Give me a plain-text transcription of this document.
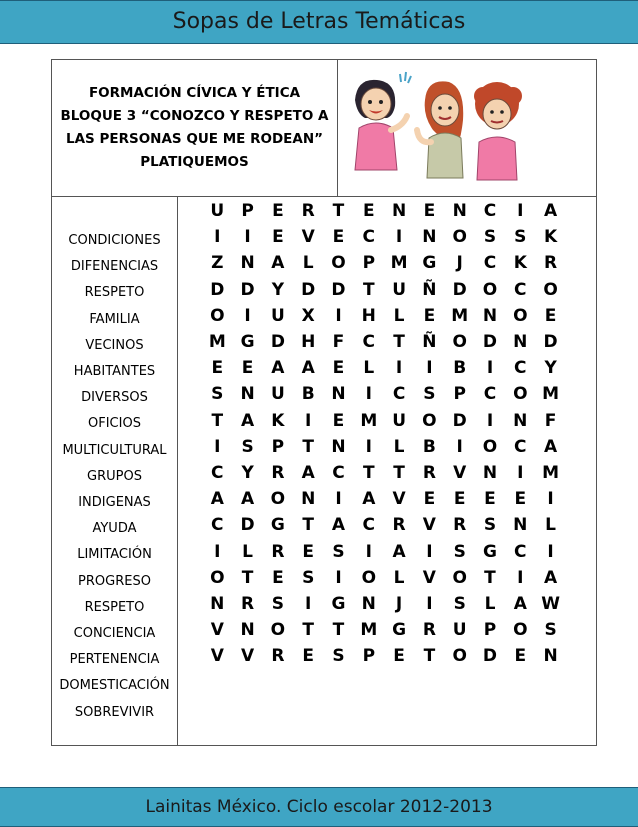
Sopas de Letras Temáticas
FORMACIÓN CÍVICA Y ÉTICA
BLOQUE 3 “CONOZCO Y RESPETO A
LAS PERSONAS QUE ME RODEAN”
PLATIQUEMOS
CONDICIONES
DIFENENCIAS
RESPETO
FAMILIA
VECINOS
HABITANTES
DIVERSOS
OFICIOS
MULTICULTURAL
GRUPOS
INDIGENAS
AYUDA
LIMITACIÓN
PROGRESO
RESPETO
CONCIENCIA
PERTENENCIA
DOMESTICACIÓN
SOBREVIVIR
U	P	E	R	T	E	N	E	N C	I	A
I	I	E	V	E	C	I	N O S	S	K
Z	N A	L	O P M G	J	C	K	R
D D	Y	D D	T	U Ñ D O C O
O	I	U X	I	H	L	E M N O	E
M G D H	F	C	T	Ñ O D N D
E	E	A	A	E	L	I	I	B	I	C	Y
S	N U B N	I	C	S	P	C O M
T	A	K	I	E M U O D	I	N	F
I	S	P	T	N	I	L	B	I	O C	A
C	Y	R	A	C	T	T	R	V N	I	M
A	A O N	I	A	V	E	E	E	E	I
C	D G	T	A	C	R	V	R	S	N	L
I	L	R	E	S	I	A	I	S	G	C	I
O	T	E	S	I	O	L	V O	T	I	A
N R	S	I	G N	J	I	S	L	A W
V N O	T	T M G R U	P O S
V	V	R	E	S	P	E	T	O D	E	N
Lainitas México. Ciclo escolar 2012-2013
